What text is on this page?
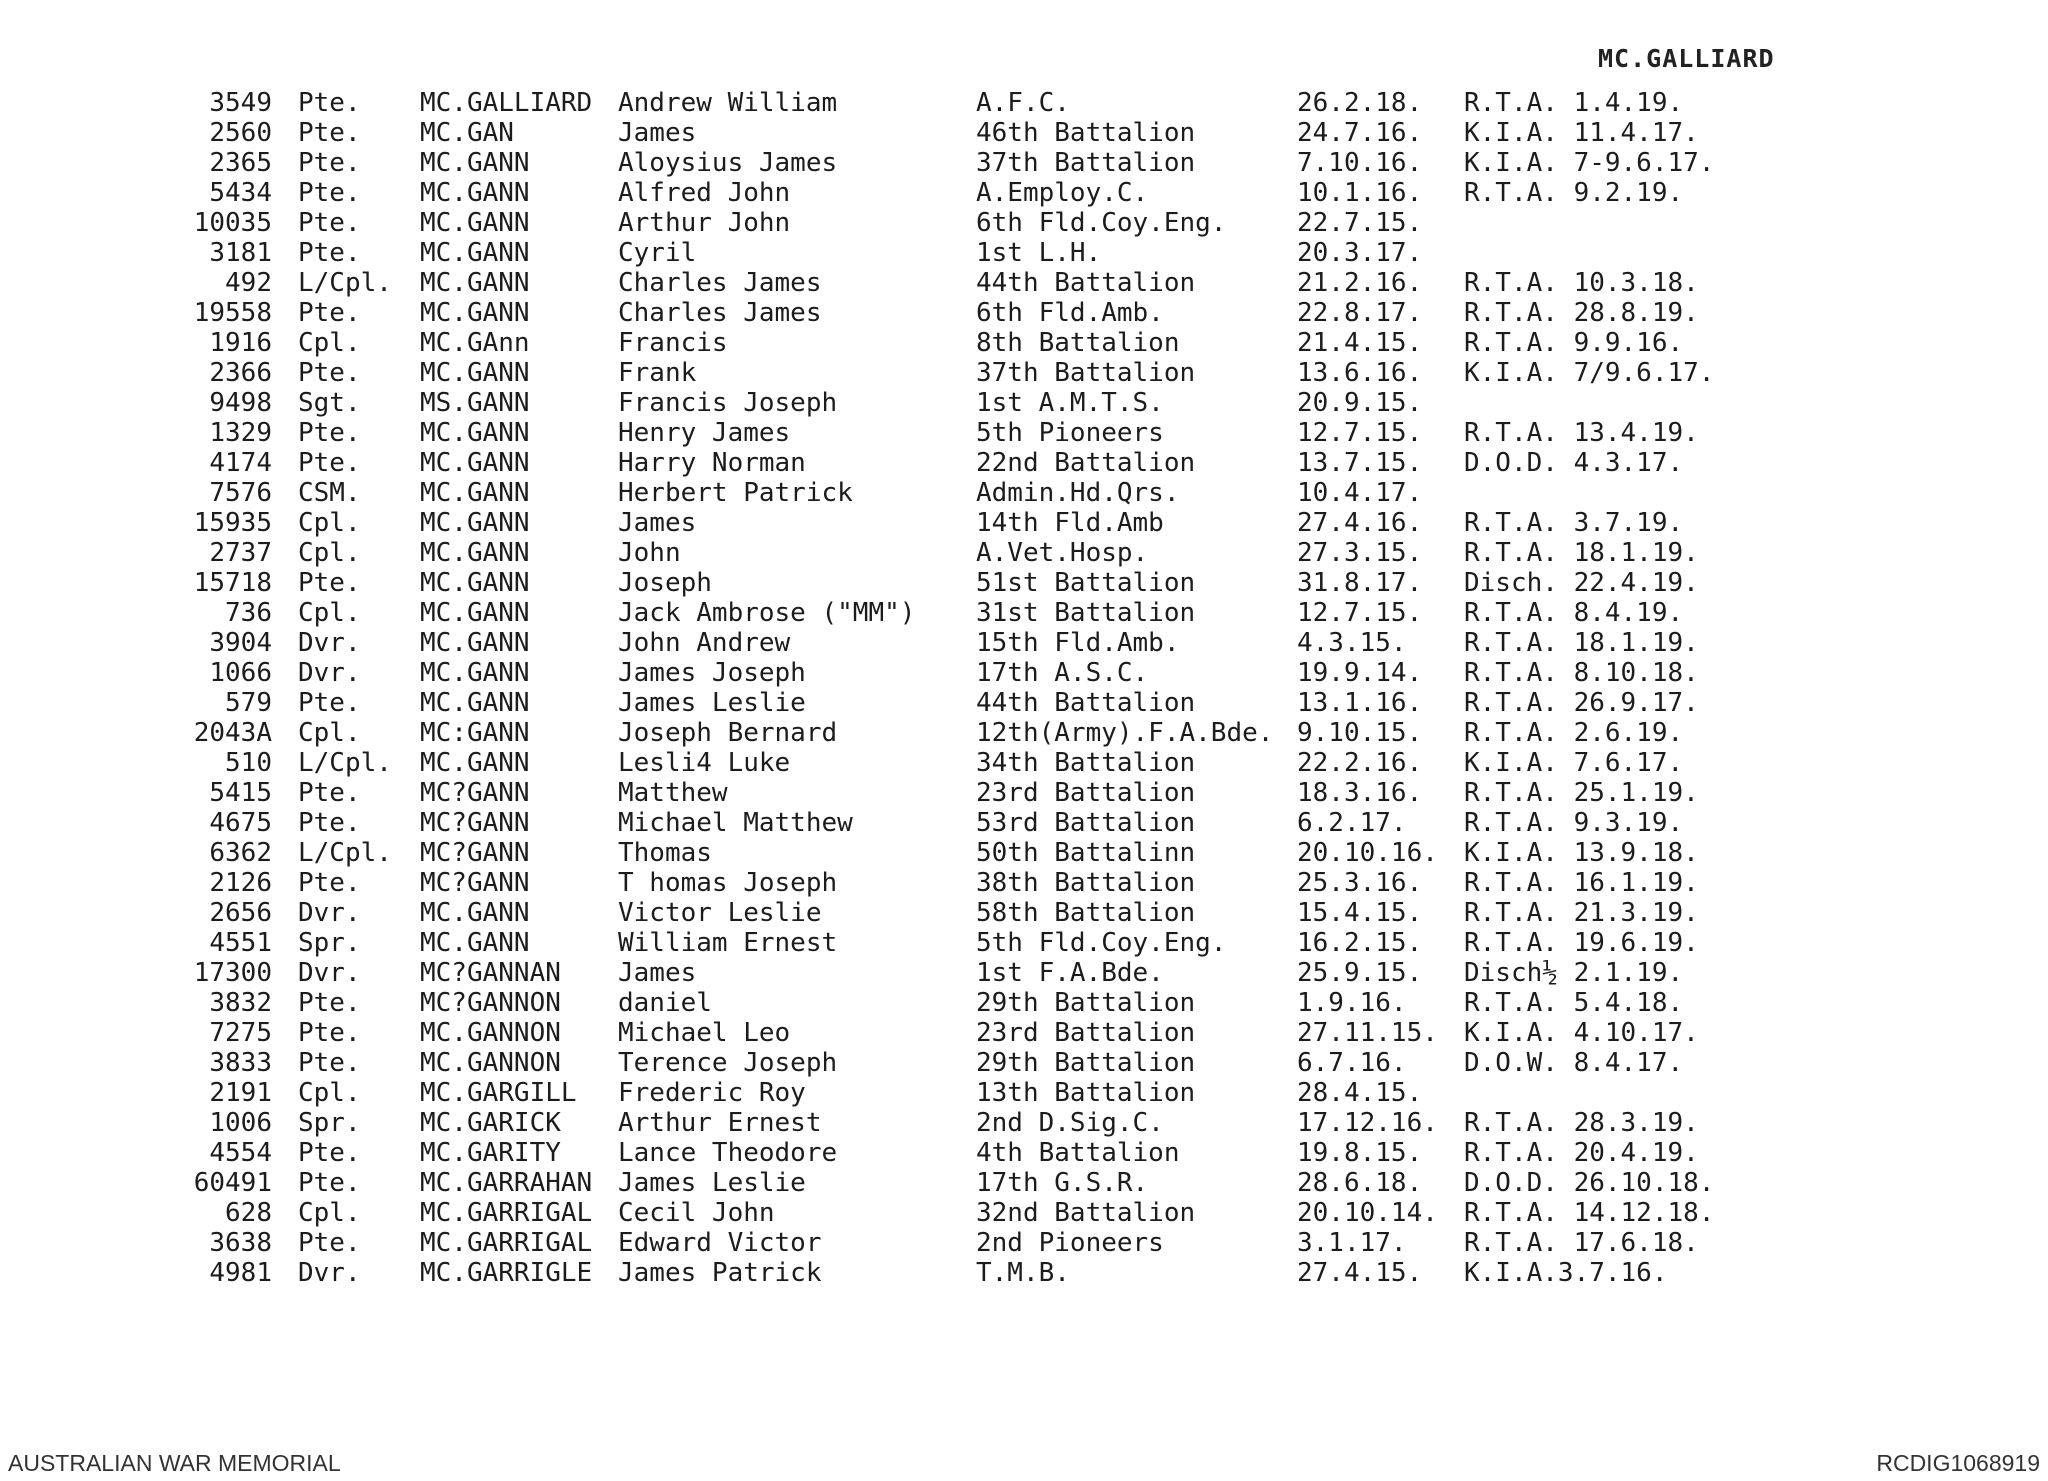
MC.GALLIARD
3549 Pte.	MC.GALLIARD Andrew William	A.F.C.	26.2.18.	R.T.A. 1.4.19.
2560 Pte.	MC.GAN	James	46th Battalion	24.7.16.	K.I.A. 11.4.17.
2365 Pte.	MC.GANN	Aloysius James	37th Battalion	7.10.16.	K.I.A. 7-9.6.17.
5434 Pte.	MC.GANN	Alfred John	A.Employ.C.	10.1.16.	R.T.A. 9.2.19.
10035 Pte.	MC.GANN	Arthur John	6th Fld.Coy.Eng.	22.7.15.
3181 Pte.	MC.GANN	Cyril	1st L.H.	20.3.17.
492 L/Cpl.	MC.GANN	Charles James	44th Battalion	21.2.16.	R.T.A. 10.3.18.
19558 Pte.	MC.GANN	Charles James	6th Fld.Amb.	22.8.17.	R.T.A. 28.8.19.
1916 Cpl.	MC.GAnn	Francis	8th Battalion	21.4.15.	R.T.A. 9.9.16.
2366 Pte.	MC.GANN	Frank	37th Battalion	13.6.16.	K.I.A. 7/9.6.17.
9498 Sgt.	MS.GANN	Francis Joseph	1st A.M.T.S.	20.9.15.
1329 Pte.	MC.GANN	Henry James	5th Pioneers	12.7.15.	R.T.A. 13.4.19.
4174 Pte.	MC.GANN	Harry Norman	22nd Battalion	13.7.15.	D.O.D. 4.3.17.
7576 CSM.	MC.GANN	Herbert Patrick	Admin.Hd.Qrs.	10.4.17.
15935 Cpl.	MC.GANN	James	14th Fld.Amb	27.4.16.	R.T.A. 3.7.19.
2737 Cpl.	MC.GANN	John	A.Vet.Hosp.	27.3.15.	R.T.A. 18.1.19.
15718 Pte.	MC.GANN	Joseph	51st Battalion	31.8.17.	Disch. 22.4.19.
736 Cpl.	MC.GANN	Jack Ambrose ("MM")	31st Battalion	12.7.15.	R.T.A. 8.4.19.
3904 Dvr.	MC.GANN	John Andrew	15th Fld.Amb.	4.3.15.	R.T.A. 18.1.19.
1066 Dvr.	MC.GANN	James Joseph	17th A.S.C.	19.9.14.	R.T.A. 8.10.18.
579 Pte.	MC.GANN	James Leslie	44th Battalion	13.1.16.	R.T.A. 26.9.17.
2043A Cpl.	MC:GANN	Joseph Bernard	12th(Army).F.A.Bde. 9.10.15.	R.T.A. 2.6.19.
510 L/Cpl.	MC.GANN	Lesli4 Luke	34th Battalion	22.2.16.	K.I.A. 7.6.17.
5415 Pte.	MC?GANN	Matthew	23rd Battalion	18.3.16.	R.T.A. 25.1.19.
4675 Pte.	MC?GANN	Michael Matthew	53rd Battalion	6.2.17.	R.T.A. 9.3.19.
6362 L/Cpl.	MC?GANN	Thomas	50th Battalinn	20.10.16.	K.I.A. 13.9.18.
2126 Pte.	MC?GANN	T homas Joseph	38th Battalion	25.3.16.	R.T.A. 16.1.19.
2656 Dvr.	MC.GANN	Victor Leslie	58th Battalion	15.4.15.	R.T.A. 21.3.19.
4551 Spr.	MC.GANN	William Ernest	5th Fld.Coy.Eng.	16.2.15.	R.T.A. 19.6.19.
17300 Dvr.	MC?GANNAN	James	1st F.A.Bde.	25.9.15.	Disch½ 2.1.19.
3832 Pte.	MC?GANNON	daniel	29th Battalion	1.9.16.	R.T.A. 5.4.18.
7275 Pte.	MC.GANNON	Michael Leo	23rd Battalion	27.11.15.	K.I.A. 4.10.17.
3833 Pte.	MC.GANNON	Terence Joseph	29th Battalion	6.7.16.	D.O.W. 8.4.17.
2191 Cpl.	MC.GARGILL	Frederic Roy	13th Battalion	28.4.15.
1006 Spr.	MC.GARICK	Arthur Ernest	2nd D.Sig.C.	17.12.16.	R.T.A. 28.3.19.
4554 Pte.	MC.GARITY	Lance Theodore	4th Battalion	19.8.15.	R.T.A. 20.4.19.
60491 Pte.	MC.GARRAHAN James Leslie	17th G.S.R.	28.6.18.	D.O.D. 26.10.18.
628 Cpl.	MC.GARRIGAL Cecil John	32nd Battalion	20.10.14.	R.T.A. 14.12.18.
3638 Pte.	MC.GARRIGAL Edward Victor	2nd Pioneers	3.1.17.	R.T.A. 17.6.18.
4981 Dvr.	MC.GARRIGLE James Patrick	T.M.B.	27.4.15.	K.I.A.3.7.16.
AUSTRALIAN WAR MEMORIAL	RCDIG1068919
